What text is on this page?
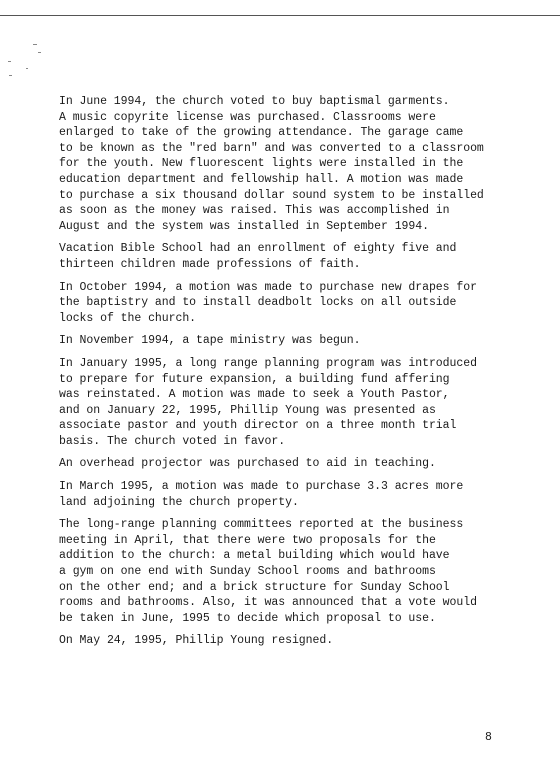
In June 1994, the church voted to buy baptismal garments.
A music copyrite license was purchased. Classrooms were
enlarged to take of the growing attendance. The garage came
to be known as the "red barn" and was converted to a classroom
for the youth. New fluorescent lights were installed in the
education department and fellowship hall. A motion was made
to purchase a six thousand dollar sound system to be installed
as soon as the money was raised. This was accomplished in
August and the system was installed in September 1994.

Vacation Bible School had an enrollment of eighty five and
thirteen children made professions of faith.

In October 1994, a motion was made to purchase new drapes for
the baptistry and to install deadbolt locks on all outside
locks of the church.

In November 1994, a tape ministry was begun.

In January 1995, a long range planning program was introduced
to prepare for future expansion, a building fund affering
was reinstated. A motion was made to seek a Youth Pastor,
and on January 22, 1995, Phillip Young was presented as
associate pastor and youth director on a three month trial
basis. The church voted in favor.

An overhead projector was purchased to aid in teaching.

In March 1995, a motion was made to purchase 3.3 acres more
land adjoining the church property.

The long-range planning committees reported at the business
meeting in April, that there were two proposals for the
addition to the church: a metal building which would have
a gym on one end with Sunday School rooms and bathrooms
on the other end; and a brick structure for Sunday School
rooms and bathrooms. Also, it was announced that a vote would
be taken in June, 1995 to decide which proposal to use.

On May 24, 1995, Phillip Young resigned.

8
